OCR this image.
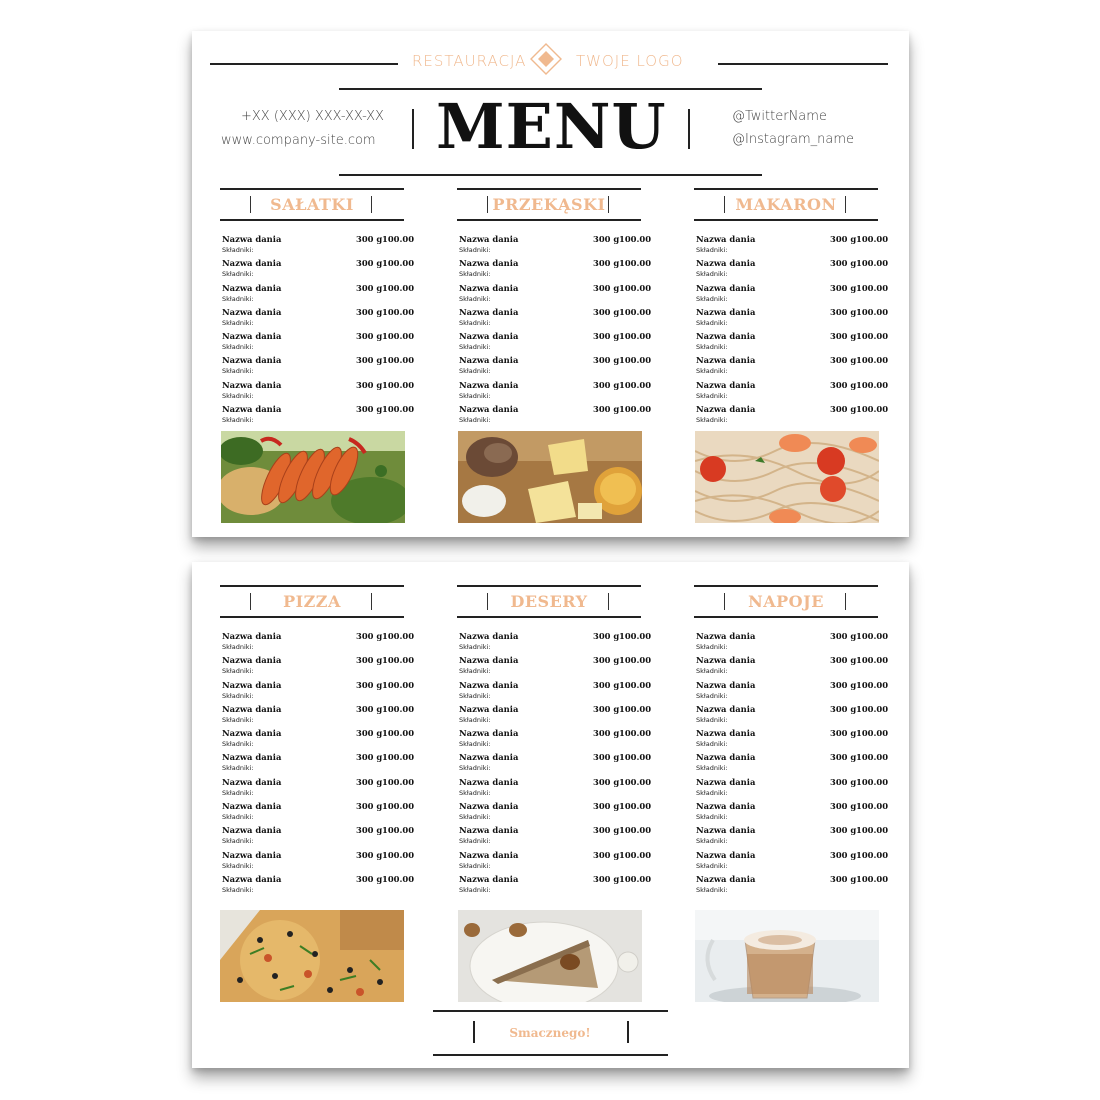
RESTAURACJA	TWOJE LOGO
MENU
+XX (XXX) XXX-XX-XX
www.company-site.com
@TwitterName
@Instagram_name
SAŁATKI
Nazwa dania	300 g 100.00
Składniki:
Nazwa dania	300 g 100.00
Składniki:
Nazwa dania	300 g 100.00
Składniki:
Nazwa dania	300 g 100.00
Składniki:
Nazwa dania	300 g 100.00
Składniki:
Nazwa dania	300 g 100.00
Składniki:
Nazwa dania	300 g 100.00
Składniki:
Nazwa dania	300 g 100.00
Składniki:
PRZEKĄSKI
Nazwa dania	300 g 100.00
Składniki:
Nazwa dania	300 g 100.00
Składniki:
Nazwa dania	300 g 100.00
Składniki:
Nazwa dania	300 g 100.00
Składniki:
Nazwa dania	300 g 100.00
Składniki:
Nazwa dania	300 g 100.00
Składniki:
Nazwa dania	300 g 100.00
Składniki:
Nazwa dania	300 g 100.00
Składniki:
MAKARON
Nazwa dania	300 g 100.00
Składniki:
Nazwa dania	300 g 100.00
Składniki:
Nazwa dania	300 g 100.00
Składniki:
Nazwa dania	300 g 100.00
Składniki:
Nazwa dania	300 g 100.00
Składniki:
Nazwa dania	300 g 100.00
Składniki:
Nazwa dania	300 g 100.00
Składniki:
Nazwa dania	300 g 100.00
Składniki:
PIZZA
Nazwa dania	300 g 100.00
Składniki:
Nazwa dania	300 g 100.00
Składniki:
Nazwa dania	300 g 100.00
Składniki:
Nazwa dania	300 g 100.00
Składniki:
Nazwa dania	300 g 100.00
Składniki:
Nazwa dania	300 g 100.00
Składniki:
Nazwa dania	300 g 100.00
Składniki:
Nazwa dania	300 g 100.00
Składniki:
Nazwa dania	300 g 100.00
Składniki:
Nazwa dania	300 g 100.00
Składniki:
Nazwa dania	300 g 100.00
Składniki:
DESERY
Nazwa dania	300 g 100.00
Składniki:
Nazwa dania	300 g 100.00
Składniki:
Nazwa dania	300 g 100.00
Składniki:
Nazwa dania	300 g 100.00
Składniki:
Nazwa dania	300 g 100.00
Składniki:
Nazwa dania	300 g 100.00
Składniki:
Nazwa dania	300 g 100.00
Składniki:
Nazwa dania	300 g 100.00
Składniki:
Nazwa dania	300 g 100.00
Składniki:
Nazwa dania	300 g 100.00
Składniki:
Nazwa dania	300 g 100.00
Składniki:
NAPOJE
Nazwa dania	300 g 100.00
Składniki:
Nazwa dania	300 g 100.00
Składniki:
Nazwa dania	300 g 100.00
Składniki:
Nazwa dania	300 g 100.00
Składniki:
Nazwa dania	300 g 100.00
Składniki:
Nazwa dania	300 g 100.00
Składniki:
Nazwa dania	300 g 100.00
Składniki:
Nazwa dania	300 g 100.00
Składniki:
Nazwa dania	300 g 100.00
Składniki:
Nazwa dania	300 g 100.00
Składniki:
Nazwa dania	300 g 100.00
Składniki:
Smacznego!
